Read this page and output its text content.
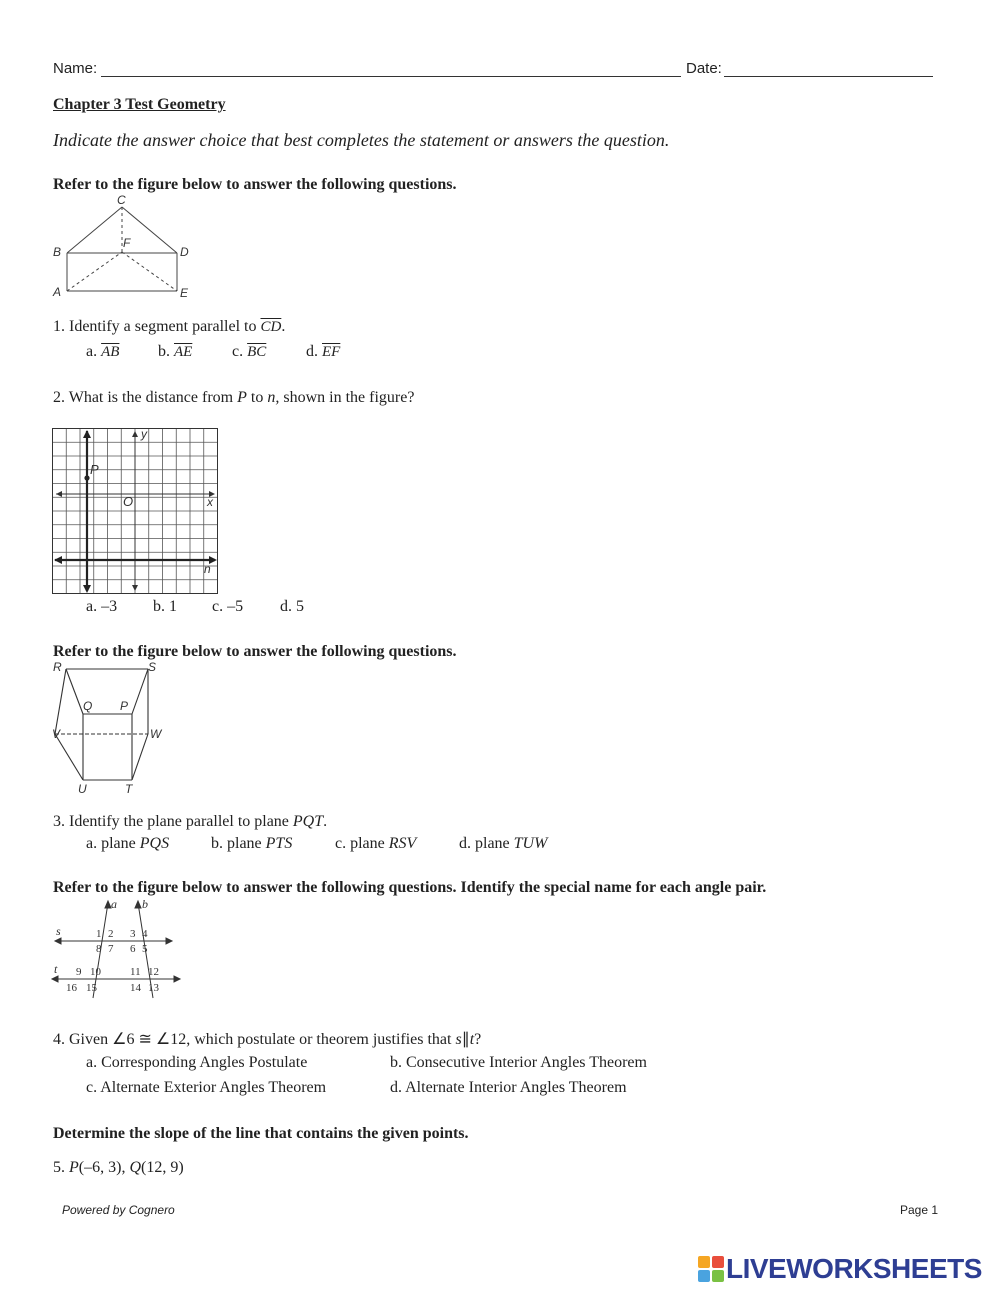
Name:	Date:
Chapter 3 Test Geometry
Indicate the answer choice that best completes the statement or answers the question.
Refer to the figure below to answer the following questions.
C
F
B	D
A	E
1. Identify a segment parallel to $\overline{CD}$.
a. $\overline{AB}$ b. $\overline{AE}$ c. $\overline{BC}$ d. $\overline{EF}$
2. What is the distance from P to n, shown in the figure?
y
P
O	x
n
a. –3 b. 1 c. –5 d. 5
Refer to the figure below to answer the following questions.
R	S
Q P
V	W
U	T
3. Identify the plane parallel to plane PQT.
a. plane PQS	b. plane PTS	c. plane RSV	d. plane TUW
Refer to the figure below to answer the following questions. Identify the special name for each angle pair.
a b
s
t
1 2 3 4
5
6
7
8
9 10	11 12
13
14
15
16
4. Given ∠6 ≅ ∠12, which postulate or theorem justifies that s∥t?
a. Corresponding Angles Postulate	b. Consecutive Interior Angles Theorem
c. Alternate Exterior Angles Theorem	d. Alternate Interior Angles Theorem
Determine the slope of the line that contains the given points.
5. P(–6, 3), Q(12, 9)
Powered by Cognero	Page 1
LIVEWORKSHEETS
